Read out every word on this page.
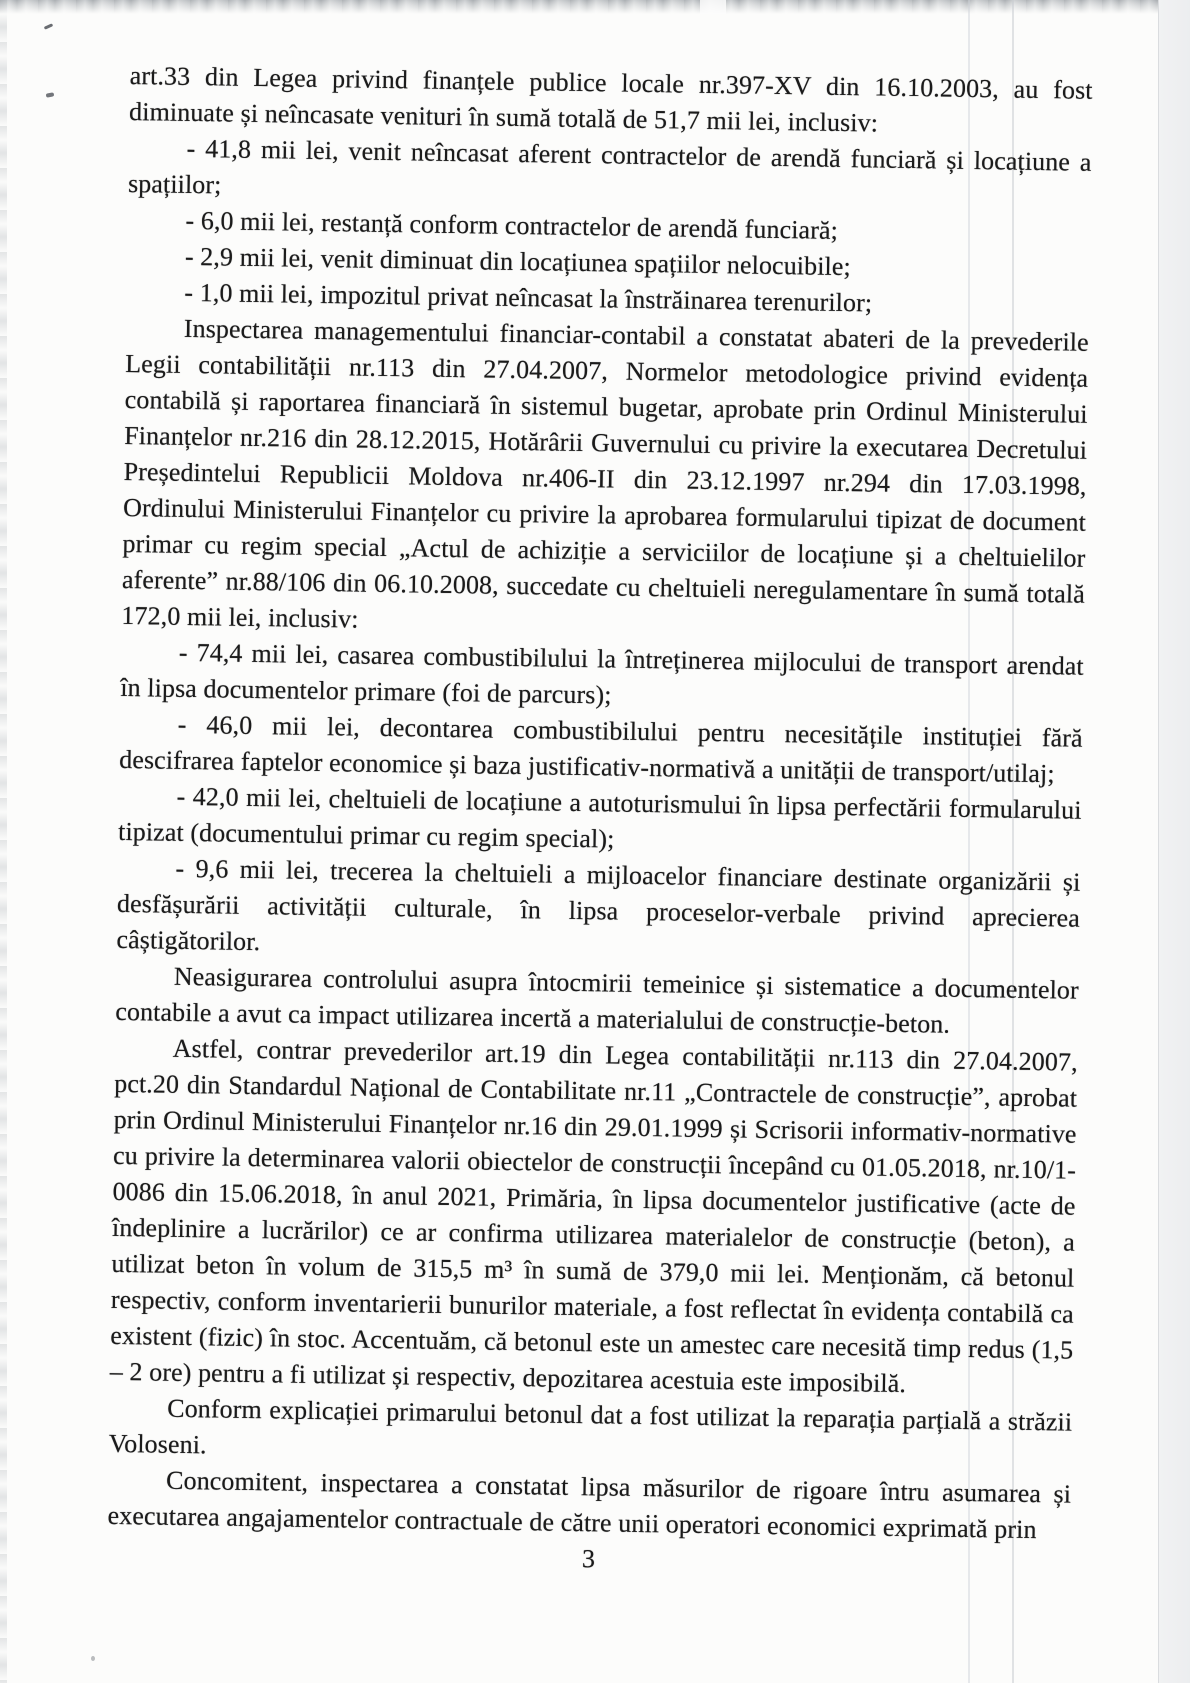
art.33 din Legea privind finanțele publice locale nr.397-XV din 16.10.2003, au fost diminuate și neîncasate venituri în sumă totală de 51,7 mii lei, inclusiv:

- 41,8 mii lei, venit neîncasat aferent contractelor de arendă funciară și locațiune a spațiilor;

- 6,0 mii lei, restanță conform contractelor de arendă funciară;

- 2,9 mii lei, venit diminuat din locațiunea spațiilor nelocuibile;

- 1,0 mii lei, impozitul privat neîncasat la înstrăinarea terenurilor;

Inspectarea managementului financiar-contabil a constatat abateri de la prevederile Legii contabilității nr.113 din 27.04.2007, Normelor metodologice privind evidența contabilă și raportarea financiară în sistemul bugetar, aprobate prin Ordinul Ministerului Finanțelor nr.216 din 28.12.2015, Hotărârii Guvernului cu privire la executarea Decretului Președintelui Republicii Moldova nr.406-II din 23.12.1997 nr.294 din 17.03.1998, Ordinului Ministerului Finanțelor cu privire la aprobarea formularului tipizat de document primar cu regim special „Actul de achiziție a serviciilor de locațiune și a cheltuielilor aferente” nr.88/106 din 06.10.2008, succedate cu cheltuieli neregulamentare în sumă totală 172,0 mii lei, inclusiv:

- 74,4 mii lei, casarea combustibilului la întreținerea mijlocului de transport arendat în lipsa documentelor primare (foi de parcurs);

- 46,0 mii lei, decontarea combustibilului pentru necesitățile instituției fără descifrarea faptelor economice și baza justificativ-normativă a unității de transport/utilaj;

- 42,0 mii lei, cheltuieli de locațiune a autoturismului în lipsa perfectării formularului tipizat (documentului primar cu regim special);

- 9,6 mii lei, trecerea la cheltuieli a mijloacelor financiare destinate organizării și desfășurării activității culturale, în lipsa proceselor-verbale privind aprecierea câștigătorilor.

Neasigurarea controlului asupra întocmirii temeinice și sistematice a documentelor contabile a avut ca impact utilizarea incertă a materialului de construcție-beton.

Astfel, contrar prevederilor art.19 din Legea contabilității nr.113 din 27.04.2007, pct.20 din Standardul Național de Contabilitate nr.11 „Contractele de construcție”, aprobat prin Ordinul Ministerului Finanțelor nr.16 din 29.01.1999 și Scrisorii informativ-normative cu privire la determinarea valorii obiectelor de construcții începând cu 01.05.2018, nr.10/1-0086 din 15.06.2018, în anul 2021, Primăria, în lipsa documentelor justificative (acte de îndeplinire a lucrărilor) ce ar confirma utilizarea materialelor de construcție (beton), a utilizat beton în volum de 315,5 m³ în sumă de 379,0 mii lei. Menționăm, că betonul respectiv, conform inventarierii bunurilor materiale, a fost reflectat în evidența contabilă ca existent (fizic) în stoc. Accentuăm, că betonul este un amestec care necesită timp redus (1,5 – 2 ore) pentru a fi utilizat și respectiv, depozitarea acestuia este imposibilă.

Conform explicației primarului betonul dat a fost utilizat la reparația parțială a străzii Voloseni.

Concomitent, inspectarea a constatat lipsa măsurilor de rigoare întru asumarea și executarea angajamentelor contractuale de către unii operatori economici exprimată prin

3
